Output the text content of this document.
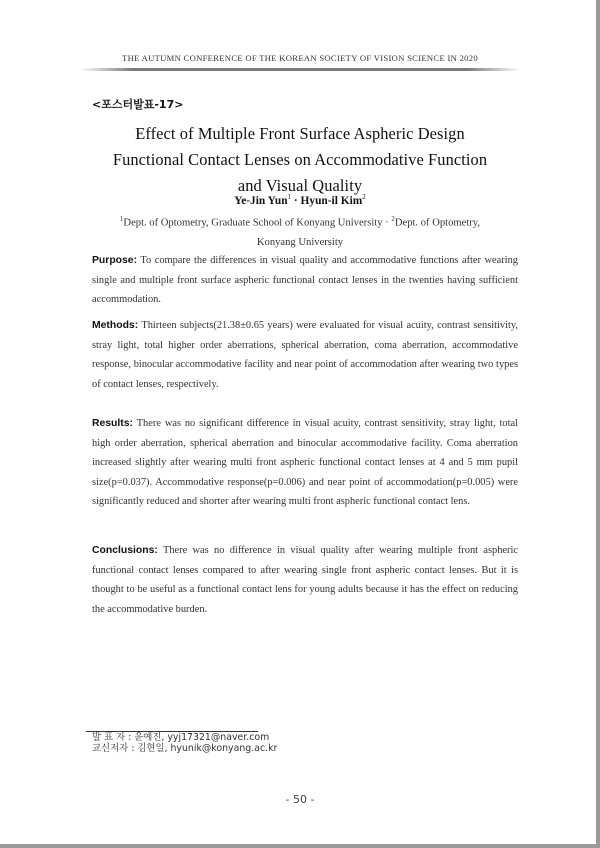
THE AUTUMN CONFERENCE OF THE KOREAN SOCIETY OF VISION SCIENCE IN 2020
<포스터발표-17>
Effect of Multiple Front Surface Aspheric Design
Functional Contact Lenses on Accommodative Function
and Visual Quality
Ye-Jin Yun$^1$ · Hyun-il Kim$^2$
$^1$Dept. of Optometry, Graduate School of Konyang University · $^2$Dept. of Optometry, Konyang University
Purpose: To compare the differences in visual quality and accommodative functions after wearing single and multiple front surface aspheric functional contact lenses in the twenties having sufficient accommodation.
Methods: Thirteen subjects(21.38±0.65 years) were evaluated for visual acuity, contrast sensitivity, stray light, total higher order aberrations, spherical aberration, coma aberration, accommodative response, binocular accommodative facility and near point of accommodation after wearing two types of contact lenses, respectively.
Results: There was no significant difference in visual acuity, contrast sensitivity, stray light, total high order aberration, spherical aberration and binocular accommodative facility. Coma aberration increased slightly after wearing multi front aspheric functional contact lenses at 4 and 5 mm pupil size(p=0.037). Accommodative response(p=0.006) and near point of accommodation(p=0.005) were significantly reduced and shorter after wearing multi front aspheric functional contact lens.
Conclusions: There was no difference in visual quality after wearing multiple front aspheric functional contact lenses compared to after wearing single front aspheric contact lenses. But it is thought to be useful as a functional contact lens for young adults because it has the effect on reducing the accommodative burden.
발 표 자 : 윤예진, yyj17321@naver.com
교신저자 : 김현일, hyunik@konyang.ac.kr
- 50 -
